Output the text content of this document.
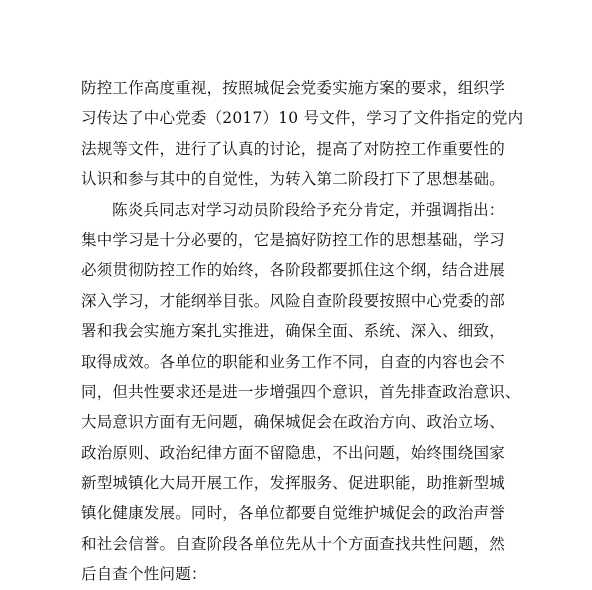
防控工作高度重视，按照城促会党委实施方案的要求，组织学
习传达了中心党委（2017）10 号文件，学习了文件指定的党内
法规等文件，进行了认真的讨论，提高了对防控工作重要性的
认识和参与其中的自觉性，为转入第二阶段打下了思想基础。
陈炎兵同志对学习动员阶段给予充分肯定，并强调指出：
集中学习是十分必要的，它是搞好防控工作的思想基础，学习
必须贯彻防控工作的始终，各阶段都要抓住这个纲，结合进展
深入学习，才能纲举目张。风险自查阶段要按照中心党委的部
署和我会实施方案扎实推进，确保全面、系统、深入、细致，
取得成效。各单位的职能和业务工作不同，自查的内容也会不
同，但共性要求还是进一步增强四个意识，首先排查政治意识、
大局意识方面有无问题，确保城促会在政治方向、政治立场、
政治原则、政治纪律方面不留隐患，不出问题，始终围绕国家
新型城镇化大局开展工作，发挥服务、促进职能，助推新型城
镇化健康发展。同时，各单位都要自觉维护城促会的政治声誉
和社会信誉。自查阶段各单位先从十个方面查找共性问题，然
后自查个性问题：
